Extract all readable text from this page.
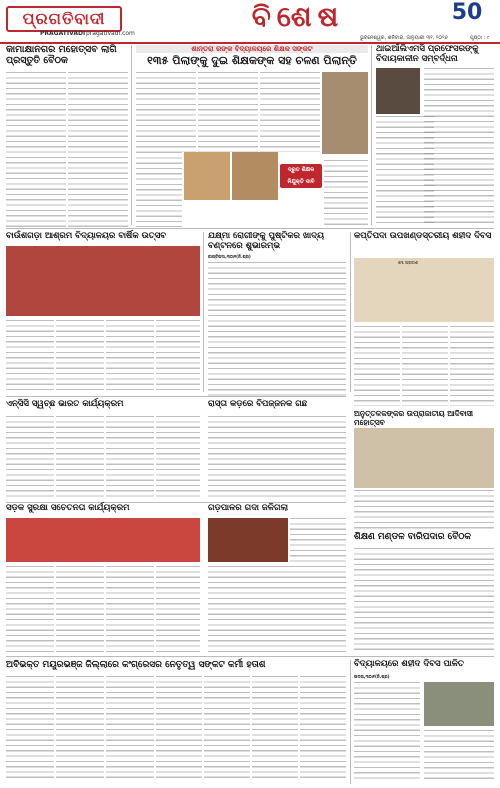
ପ୍ରଗତିବାଦୀ
PRAGATIVADI pragativadi.com
ବିଶେଷ	50
ଭୁବନେଶ୍ୱର, ଶନିବାର, ଜାନୁୟାରୀ ୩୧, ୨୦୨୬	ପୃଷ୍ଠା : ୯
କାମାକ୍ଷାନଗର ମହୋତ୍ସବ ଲାଗି ପ୍ରସ୍ତୁତି ବୈଠକ
ଶାନ୍ତରା ରଙ୍କ ବିଦ୍ୟାଳୟରେ ଶିକ୍ଷକ ସଙ୍କଟ
୧୩୫ ପିଲାଙ୍କୁ ଦୁଇ ଶିକ୍ଷକଙ୍କ ସହ ଚଳଣ ପିଲାନ୍ତି
ଦ୍ରୁତ ଶିକ୍ଷକ ନିଯୁକ୍ତି ଦାବି
ଥାଇଆଁଲିଏମସି ପ୍ରଫେସରଙ୍କୁ ବିଦାୟକାଳୀନ ସମ୍ବର୍ଦ୍ଧନା
ବାଉଁଶଗଡ଼ା ଆଶ୍ରମ ବିଦ୍ୟାଳୟର ବାର୍ଷିକ ଉତ୍ସବ	ଯକ୍ଷ୍ମା ରୋଗୀଙ୍କୁ ପୁଷ୍ଟିକର ଖାଦ୍ୟ ବଣ୍ଟନରେ ଶୁଭାରମ୍ଭ
କାପ୍ତିପଦା,୩୦ା୧(ନି.ପ୍ର)
କପ୍ତିପଦା ଉପଖଣ୍ଡସ୍ତରୀୟ ଶହୀଦ ଦିବସ
ଶବ୍ଦ ପ୍ରକାଶ
ଏନ୍‌ସିସି ସ୍ୱଚ୍ଛ ଭାରତ କାର୍ଯ୍ୟକ୍ରମ	ରାସ୍ତା କଡ଼ରେ ବିପଜ୍ଜନକ ଗଛ
ଅନୁତ୍ତଳକଙ୍କର ଉପ୍ରାଜାତୀୟ ଆଦିବାସୀ ମହୋତ୍ସବ
ସଡ଼କ ସୁରକ୍ଷା ସଚେତନତା କାର୍ଯ୍ୟକ୍ରମ	ଗଡ଼ପାଳର ଗଦା ଜଳିଗଲା
ଶିକ୍ଷଣ ମଣ୍ଡଳ ବାରିପଦାର ବୈଠକ
ଅବିଭକ୍ତ ମୟୂରଭଞ୍ଜ ଜିଲ୍ଲାରେ କଂଗ୍ରେସର ନେତୃତ୍ୱ ସଙ୍କଟ କର୍ମୀ ହତାଶ	ବିଦ୍ୟାଳୟରେ ଶହୀଦ ଦିବସ ପାଳିତ
ଉଦଳା,୩୦ା୧(ନି.ପ୍ର)
